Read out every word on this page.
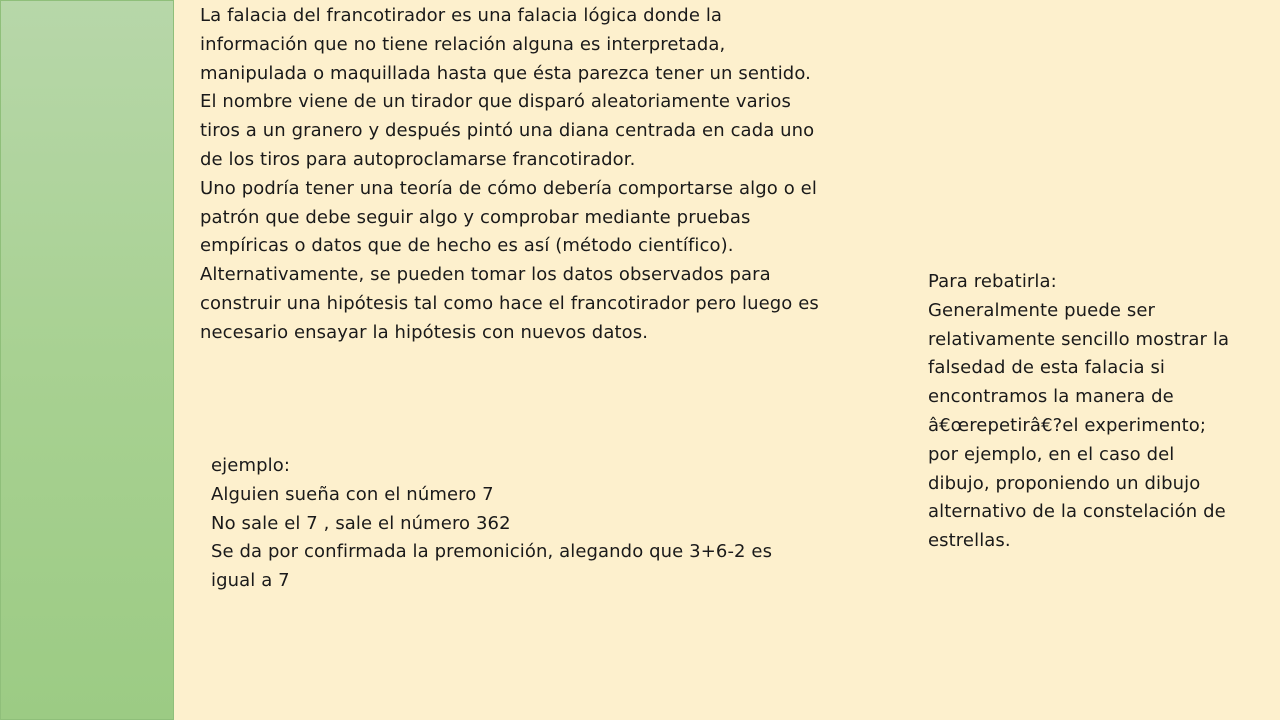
La falacia del francotirador es una falacia lógica donde la información que no tiene relación alguna es interpretada, manipulada o maquillada hasta que ésta parezca tener un sentido. El nombre viene de un tirador que disparó aleatoriamente varios tiros a un granero y después pintó una diana centrada en cada uno de los tiros para autoproclamarse francotirador.

Uno podría tener una teoría de cómo debería comportarse algo o el patrón que debe seguir algo y comprobar mediante pruebas empíricas o datos que de hecho es así (método científico). Alternativamente, se pueden tomar los datos observados para construir una hipótesis tal como hace el francotirador pero luego es necesario ensayar la hipótesis con nuevos datos.

ejemplo:

Alguien sueña con el número 7

No sale el 7 , sale el número 362

Se da por confirmada la premonición, alegando que 3+6-2 es igual a 7

Para rebatirla:

Generalmente puede ser relativamente sencillo mostrar la falsedad de esta falacia si encontramos la manera de â€œrepetirâ€?el experimento; por ejemplo, en el caso del dibujo, proponiendo un dibujo alternativo de la constelación de estrellas.
